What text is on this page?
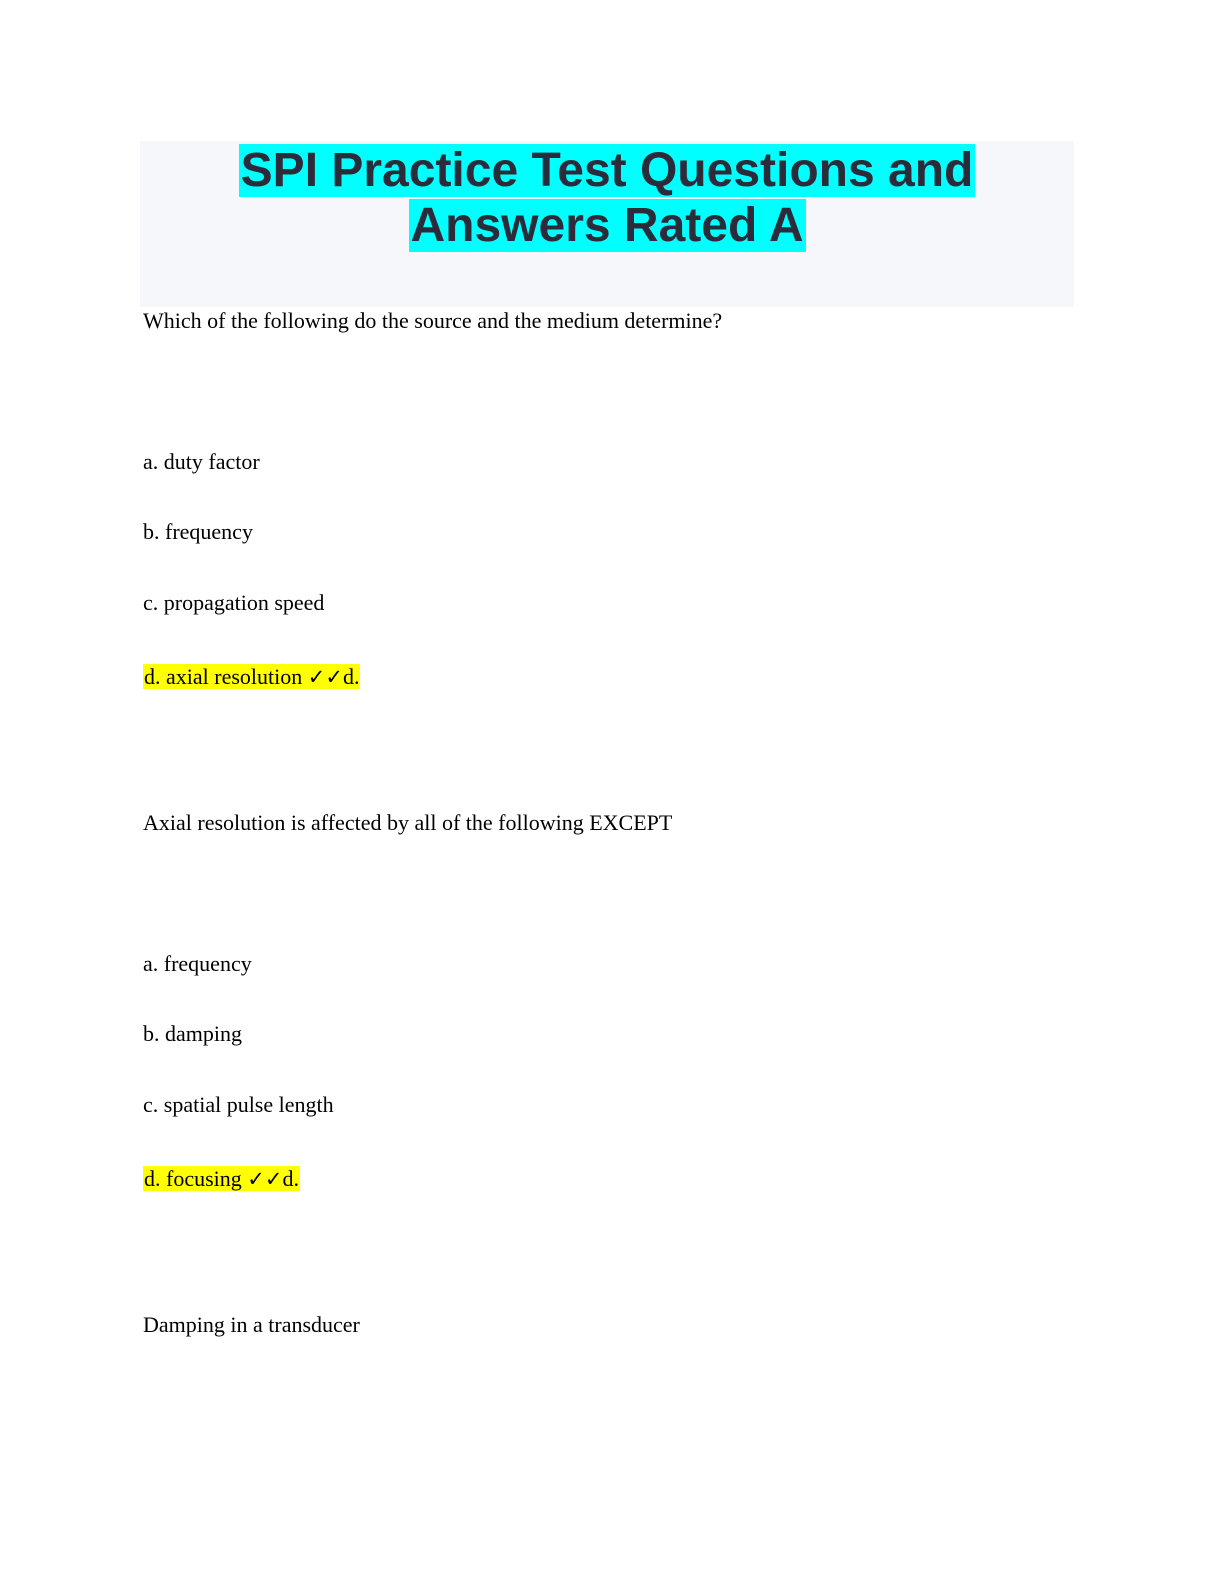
SPI Practice Test Questions and
Answers Rated A
Which of the following do the source and the medium determine?
a. duty factor
b. frequency
c. propagation speed
d. axial resolution ✓✓d.
Axial resolution is affected by all of the following EXCEPT
a. frequency
b. damping
c. spatial pulse length
d. focusing ✓✓d.
Damping in a transducer
